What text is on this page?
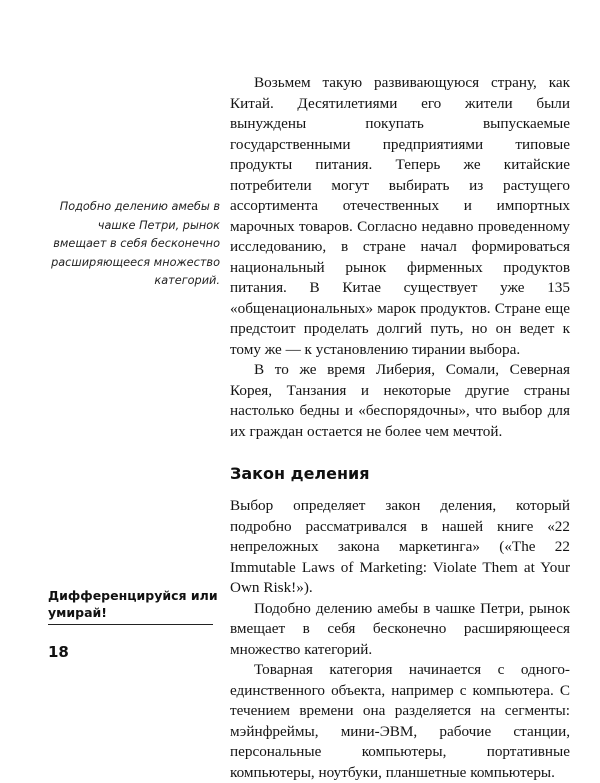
Подобно делению амебы в чашке Петри, рынок вмещает в себя бесконечно расширяющееся множество категорий.

Возьмем такую развивающуюся страну, как Китай. Десятилетиями его жители были вынуждены покупать выпускаемые государственными предприятиями типовые продукты питания. Теперь же китайские потребители могут выбирать из растущего ассортимента отечественных и импортных марочных товаров. Согласно недавно проведенному исследованию, в стране начал формироваться национальный рынок фирменных продуктов питания. В Китае существует уже 135 «общенациональных» марок продуктов. Стране еще предстоит проделать долгий путь, но он ведет к тому же — к установлению тирании выбора.

В то же время Либерия, Сомали, Северная Корея, Танзания и некоторые другие страны настолько бедны и «беспорядочны», что выбор для их граждан остается не более чем мечтой.

Закон деления

Выбор определяет закон деления, который подробно рассматривался в нашей книге «22 непреложных закона маркетинга» («The 22 Immutable Laws of Marketing: Violate Them at Your Own Risk!»).

Подобно делению амебы в чашке Петри, рынок вмещает в себя бесконечно расширяющееся множество категорий.

Товарная категория начинается с одного-единственного объекта, например с компьютера. С течением времени она разделяется на сегменты: мэйнфреймы, мини-ЭВМ, рабочие станции, персональные компьютеры, портативные компьютеры, ноутбуки, планшетные компьютеры.

Дифференцируйся или умирай!
18
